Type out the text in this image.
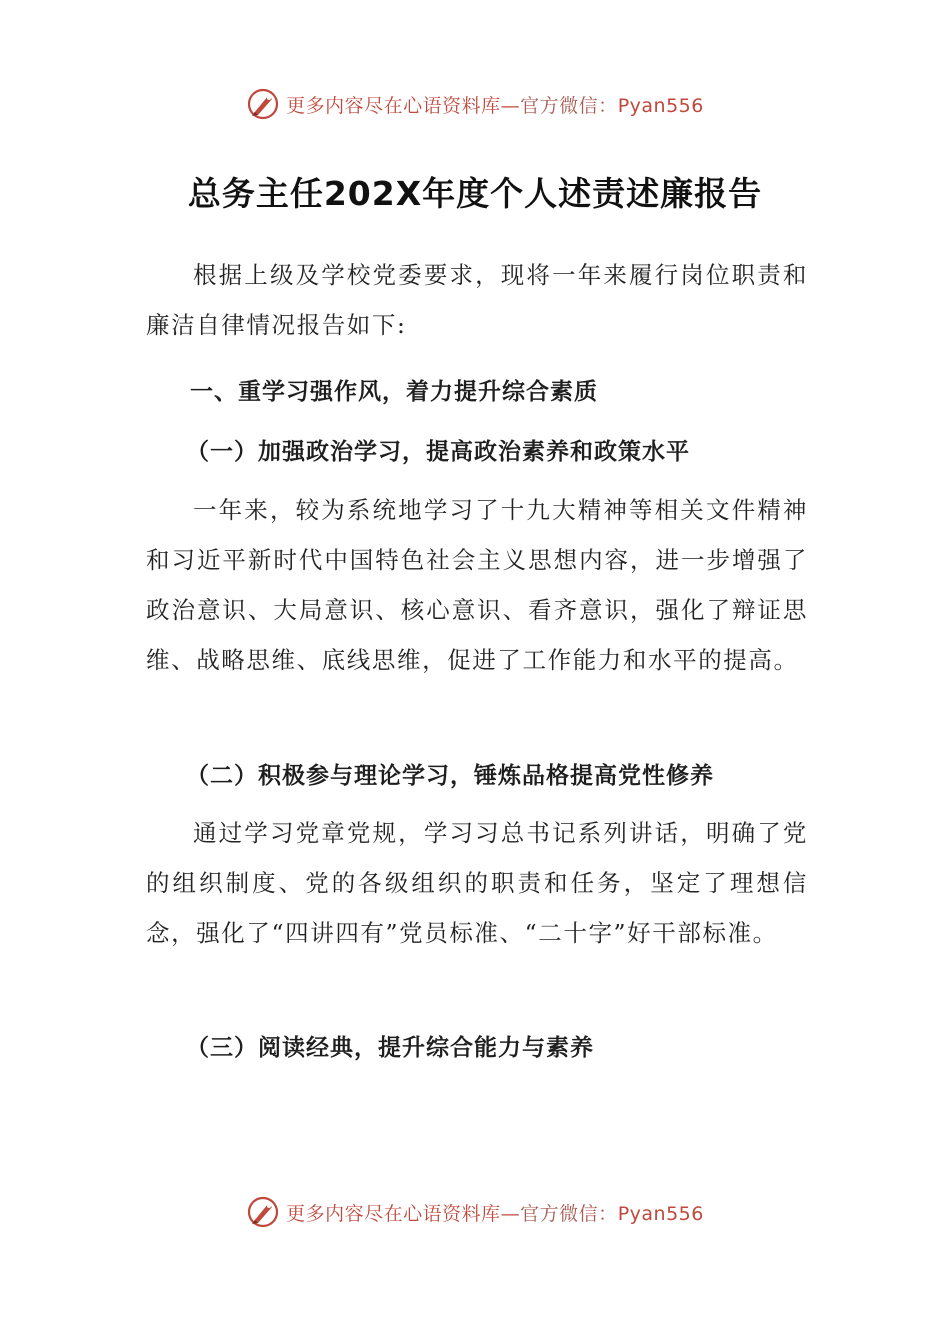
更多内容尽在心语资料库—官方微信：Pyan556
总务主任202X年度个人述责述廉报告

根据上级及学校党委要求，现将一年来履行岗位职责和廉洁自律情况报告如下:

一、重学习强作风，着力提升综合素质
（一）加强政治学习，提高政治素养和政策水平

一年来，较为系统地学习了十九大精神等相关文件精神和习近平新时代中国特色社会主义思想内容，进一步增强了政治意识、大局意识、核心意识、看齐意识，强化了辩证思维、战略思维、底线思维，促进了工作能力和水平的提高。

（二）积极参与理论学习，锤炼品格提高党性修养

通过学习党章党规，学习习总书记系列讲话，明确了党的组织制度、党的各级组织的职责和任务，坚定了理想信念，强化了“四讲四有”党员标准、“二十字”好干部标准。

（三）阅读经典，提升综合能力与素养
更多内容尽在心语资料库—官方微信：Pyan556
